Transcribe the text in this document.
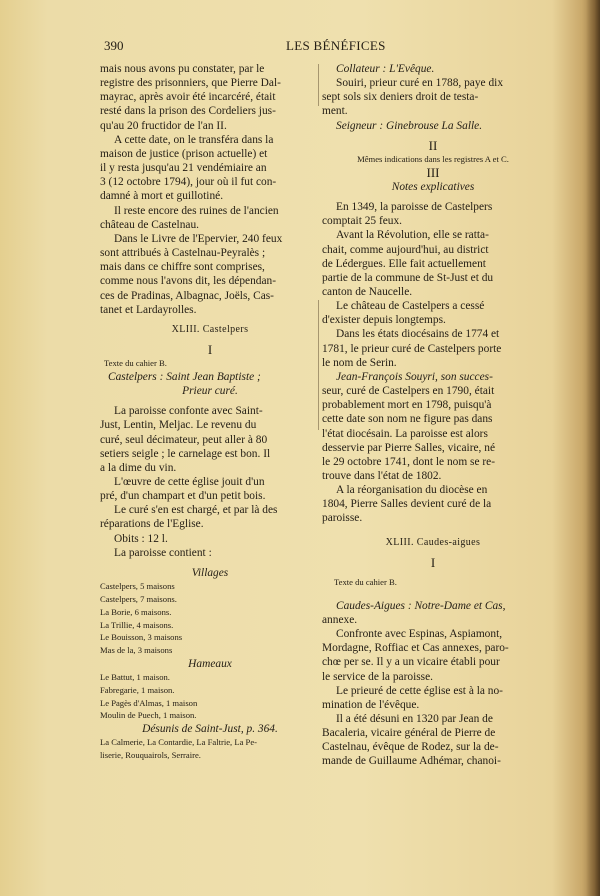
390	LES BÉNÉFICES

mais nous avons pu constater, par le

registre des prisonniers, que Pierre Dal-

mayrac, après avoir été incarcéré, était

resté dans la prison des Cordeliers jus-

qu'au 20 fructidor de l'an II.

A cette date, on le transféra dans la

maison de justice (prison actuelle) et

il y resta jusqu'au 21 vendémiaire an

3 (12 octobre 1794), jour où il fut con-

damné à mort et guillotiné.

Il reste encore des ruines de l'ancien

château de Castelnau.

Dans le Livre de l'Epervier, 240 feux

sont attribués à Castelnau-Peyralès ;

mais dans ce chiffre sont comprises,

comme nous l'avons dit, les dépendan-

ces de Pradinas, Albagnac, Joëls, Cas-

tanet et Lardayrolles.

XLIII. Castelpers

I

Texte du cahier B.

Castelpers : Saint Jean Baptiste ;

Prieur curé.

La paroisse confonte avec Saint-

Just, Lentin, Meljac. Le revenu du

curé, seul décimateur, peut aller à 80

setiers seigle ; le carnelage est bon. Il

a la dime du vin.

L'œuvre de cette église jouit d'un

pré, d'un champart et d'un petit bois.

Le curé s'en est chargé, et par là des

réparations de l'Eglise.

Obits : 12 l.

La paroisse contient :

Villages

Castelpers, 5 maisons

Castelpers, 7 maisons.

La Borie, 6 maisons.

La Trillie, 4 maisons.

Le Bouisson, 3 maisons

Mas de la, 3 maisons

Hameaux

Le Battut, 1 maison.

Fabregarie, 1 maison.

Le Pagès d'Almas, 1 maison

Moulin de Puech, 1 maison.

Désunis de Saint-Just, p. 364.

La Calmerie, La Contardie, La Faltrie, La Pe-

liserie, Rouquairols, Serraire.

Collateur : L'Evêque.

Souiri, prieur curé en 1788, paye dix

sept sols six deniers droit de testa-

ment.

Seigneur : Ginebrouse La Salle.

II

Mêmes indications dans les registres A et C.

III

Notes explicatives

En 1349, la paroisse de Castelpers

comptait 25 feux.

Avant la Révolution, elle se ratta-

chait, comme aujourd'hui, au district

de Lédergues. Elle fait actuellement

partie de la commune de St-Just et du

canton de Naucelle.

Le château de Castelpers a cessé

d'exister depuis longtemps.

Dans les états diocésains de 1774 et

1781, le prieur curé de Castelpers porte

le nom de Serin.

Jean-François Souyri, son succes-

seur, curé de Castelpers en 1790, était

probablement mort en 1798, puisqu'à

cette date son nom ne figure pas dans

l'état diocésain. La paroisse est alors

desservie par Pierre Salles, vicaire, né

le 29 octobre 1741, dont le nom se re-

trouve dans l'état de 1802.

A la réorganisation du diocèse en

1804, Pierre Salles devient curé de la

paroisse.

XLIII. Caudes-aigues

I

Texte du cahier B.

Caudes-Aigues : Notre-Dame et Cas,

annexe.

Confronte avec Espinas, Aspiamont,

Mordagne, Roffiac et Cas annexes, paro-

chœ per se. Il y a un vicaire établi pour

le service de la paroisse.

Le prieuré de cette église est à la no-

mination de l'évêque.

Il a été désuni en 1320 par Jean de

Bacaleria, vicaire général de Pierre de

Castelnau, évêque de Rodez, sur la de-

mande de Guillaume Adhémar, chanoi-
